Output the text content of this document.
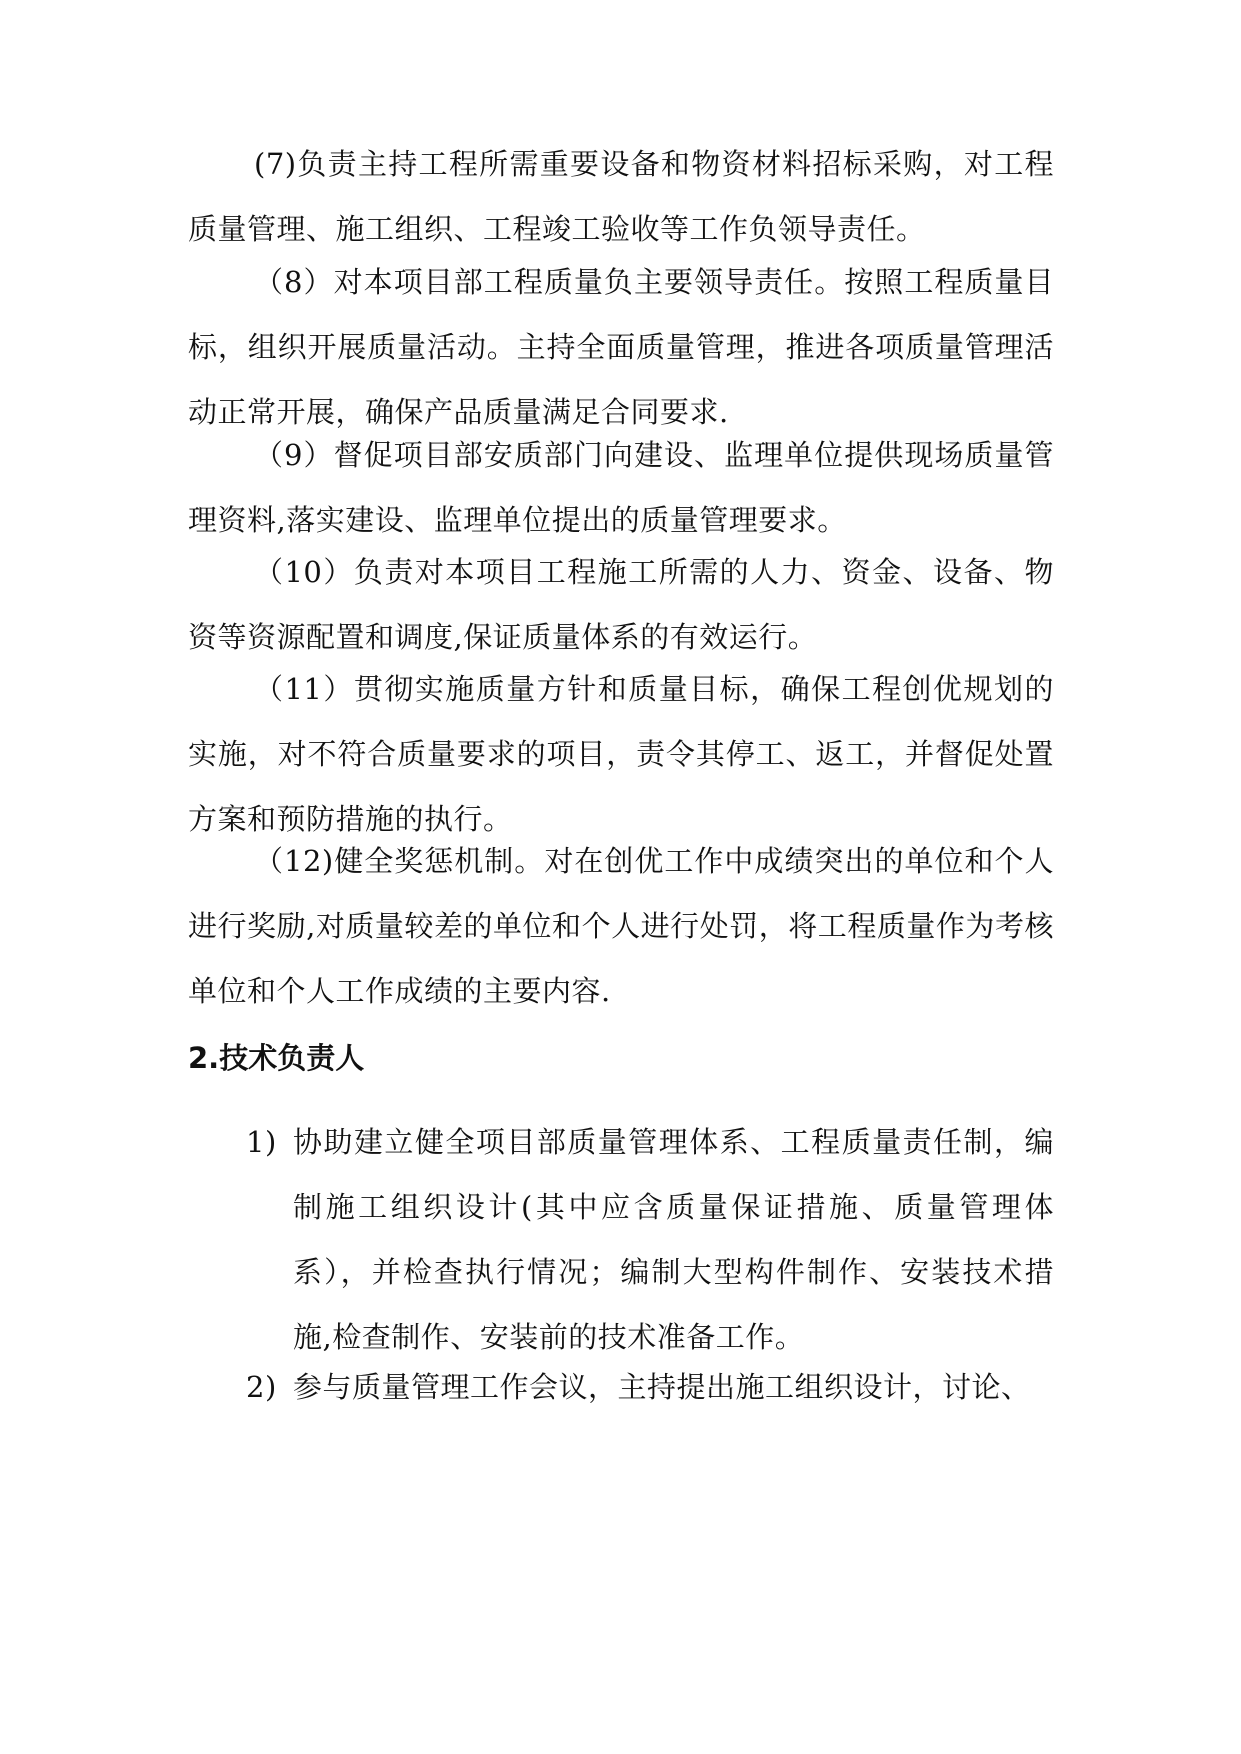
(7)负责主持工程所需重要设备和物资材料招标采购，对工程质量管理、施工组织、工程竣工验收等工作负领导责任。

（8）对本项目部工程质量负主要领导责任。按照工程质量目标，组织开展质量活动。主持全面质量管理，推进各项质量管理活动正常开展，确保产品质量满足合同要求.

（9）督促项目部安质部门向建设、监理单位提供现场质量管理资料,落实建设、监理单位提出的质量管理要求。

（10）负责对本项目工程施工所需的人力、资金、设备、物资等资源配置和调度,保证质量体系的有效运行。

（11）贯彻实施质量方针和质量目标，确保工程创优规划的实施，对不符合质量要求的项目，责令其停工、返工，并督促处置方案和预防措施的执行。

（12)健全奖惩机制。对在创优工作中成绩突出的单位和个人进行奖励,对质量较差的单位和个人进行处罚，将工程质量作为考核单位和个人工作成绩的主要内容.

2.技术负责人
1) 协助建立健全项目部质量管理体系、工程质量责任制，编制施工组织设计(其中应含质量保证措施、质量管理体系），并检查执行情况；编制大型构件制作、安装技术措施,检查制作、安装前的技术准备工作。
2) 参与质量管理工作会议，主持提出施工组织设计，讨论、
